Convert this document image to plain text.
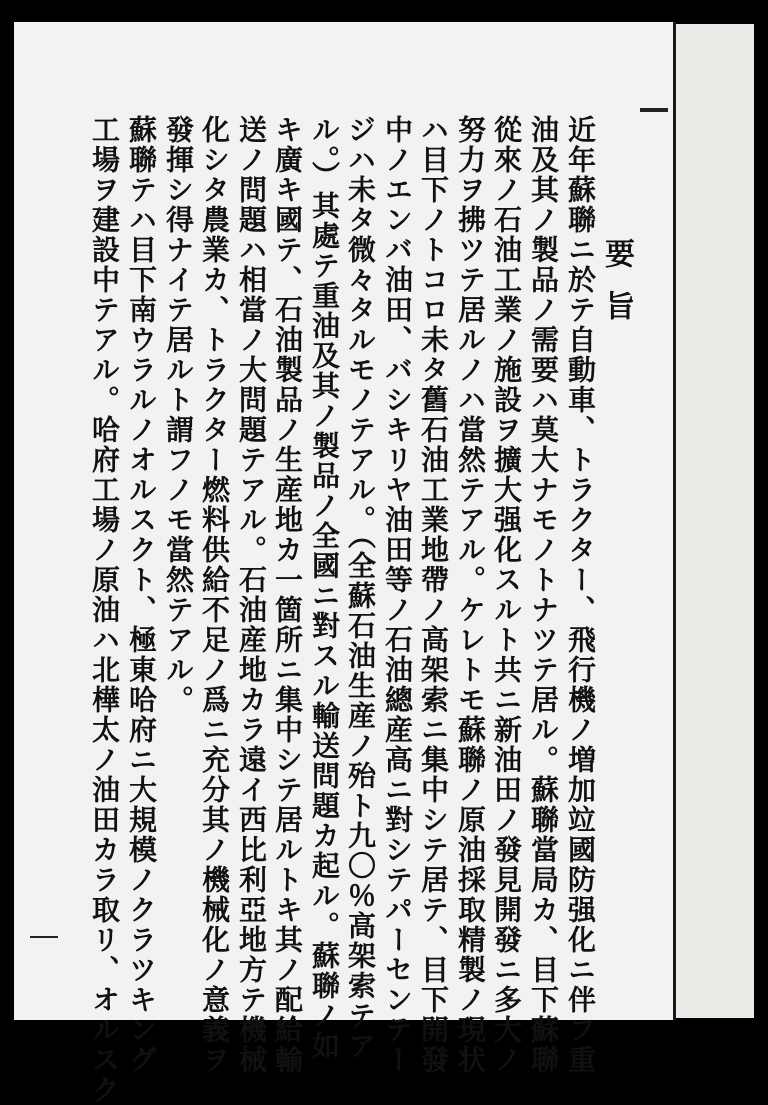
要旨
近年蘇聯ニ於テ自動車、トラクター、飛行機ノ増加竝國防强化ニ伴フ重
油及其ノ製品ノ需要ハ莫大ナモノトナツテ居ル。蘇聯當局カ、目下蘇聯
從來ノ石油工業ノ施設ヲ擴大强化スルト共ニ新油田ノ發見開發ニ多大ノ
努力ヲ拂ツテ居ルノハ當然テアル。ケレトモ蘇聯ノ原油採取精製ノ現状
ハ目下ノトコロ未タ舊石油工業地帶ノ高架索ニ集中シテ居テ、目下開發
中ノエンバ油田、バシキリヤ油田等ノ石油總産高ニ對シテパーセンテー
ジハ未タ微々タルモノテアル。（全蘇石油生産ノ殆ト九〇％高架索テア
ル。）其處テ重油及其ノ製品ノ全國ニ對スル輸送問題カ起ル。蘇聯ノ如
キ廣キ國テ、石油製品ノ生産地カ一箇所ニ集中シテ居ルトキ其ノ配給輸
送ノ問題ハ相當ノ大問題テアル。石油産地カラ遠イ西比利亞地方テ機械
化シタ農業カ、トラクター燃料供給不足ノ爲ニ充分其ノ機械化ノ意義ヲ
發揮シ得ナイテ居ルト謂フノモ當然テアル。
蘇聯テハ目下南ウラルノオルスクト、極東哈府ニ大規模ノクラツキング
工場ヲ建設中テアル。哈府工場ノ原油ハ北樺太ノ油田カラ取リ、オルスク
